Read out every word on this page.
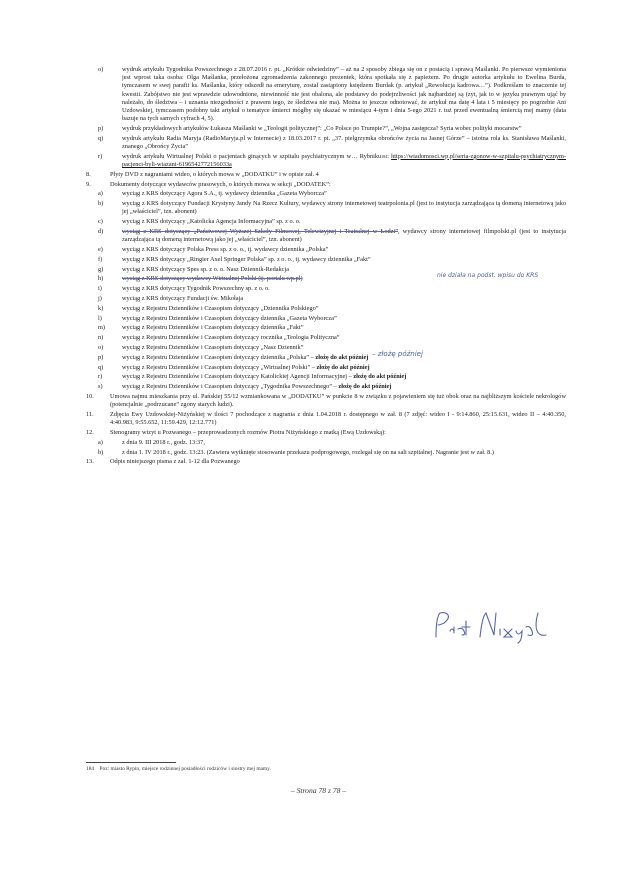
o)	wydruk artykułu Tygodnika Powszechnego z 28.07.2016 r. pt. „Krótkie odwiedziny” – aż na 2 sposoby zbiega się on z postacią i sprawą Maślanki. Po pierwsze wymieniona jest wprost taka osoba: Olga Maślanka, przełożona zgromadzenia zakonnego prezentek, która spotkała się z papieżem. Po drugie autorka artykułu to Ewelina Burda, tymczasem w swej parafii ks. Maślanka, który odszedł na emeryturę, został zastąpiony księdzem Burdak (p. artykuł „Rewolucja kadrowa…”). Podkreślam to znaczenie tej kwestii. Zabójstwo nie jest wprawdzie udowodnione, niewinność nie jest obalona, ale podstawy do podejrzliwości jak najbardziej są (zyt, jak to w języku prawnym ująć by należało, do śledztwa – i uznania niezgodności z prawem tego, że śledztwa nie ma). Można to jeszcze odnotować, że artykuł ma datę 4 lata i 5 miesięcy po pogrzebie Ani Uzdowskiej, tymczasem podobny takt artykuł o tematyce śmierci mógłby się ukazać w miesiącu 4-tym i dnia 5-ego 2021 r. tuż przed ewentualną śmiercią mej mamy (data bazuje na tych samych cyfrach 4, 5).
p)	wydruk przykładowych artykułów Łukasza Maślanki w „Teologii politycznej”: „Co Polsce po Trumpie?”, „Wojna zastępcza? Syria wobec polityki mocarstw”
q)	wydruk artykułu Radia Maryja (RadioMaryja.pl w Internecie) z 18.03.2017 r. pt. „37. pielgrzymka obrońców życia na Jasnej Górze” – istotna rola ks. Stanisława Maślanki, znanego „Obrońcy Życia”
r)	wydruk artykułu Wirtualnej Polski o pacjentach ginących w szpitalu psychiatrycznym w… Rybniku$^{184}$: https://wiadomosci.wp.pl/seria-zgonow-w-szpitalu-psychiatrycznym-pacjenci-byli-wiazani-6196542772156033a
8.	Płyty DVD z nagraniami wideo, o których mowa w „DODATKU” i w opisie zał. 4
9.	Dokumenty dotyczące wydawców prasowych, o których mowa w sekcji „DODATEK”:
a)	wyciąg z KRS dotyczący Agora S.A., tj. wydawcy dziennika „Gazeta Wyborcza”
b)	wyciąg z KRS dotyczący Fundacji Krystyny Jandy Na Rzecz Kultury, wydawcy strony internetowej teatrpolonia.pl (jest to instytucja zarządzająca tą domeną internetową jako jej „właściciel”, tzn. abonent)
c)	wyciąg z KRS dotyczący „Katolicka Agencja Informacyjna” sp. z o. o.
d)	wyciąg z KRS dotyczący „Państwowej Wyższej Szkoły Filmowej, Telewizyjnej i Teatralnej w Łodzi”, wydawcy strony internetowej filmpolski.pl (jest to instytucja zarządzająca tą domeną internetową jako jej „właściciel”, tzn. abonent)
e)	wyciąg z KRS dotyczący Polska Press sp. z o. o., tj. wydawcy dziennika „Polska”
f)	wyciąg z KRS dotyczący „Ringier Axel Springer Polska” sp. z o. o., tj. wydawcy dziennika „Fakt”
g)	wyciąg z KRS dotyczący Spes sp. z o. o. Nasz Dziennik-Redakcja
h)	wyciąg z KRS dotyczący wydawcy Wirtualnej Polski (tj. portalu wp.pl)
i)	wyciąg z KRS dotyczący Tygodnik Powszechny sp. z o. o.
j)	wyciąg z KRS dotyczący Fundacji św. Mikołaja
k)	wyciąg z Rejestru Dzienników i Czasopism dotyczący „Dziennika Polskiego”
l)	wyciąg z Rejestru Dzienników i Czasopism dotyczący dziennika „Gazeta Wyborcza”
m)	wyciąg z Rejestru Dzienników i Czasopism dotyczący dziennika „Fakt”
n)	wyciąg z Rejestru Dzienników i Czasopism dotyczący rocznika „Teologia Polityczna”
o)	wyciąg z Rejestru Dzienników i Czasopism dotyczący „Nasz Dziennik”
p)	wyciąg z Rejestru Dzienników i Czasopism dotyczący dziennika „Polska” – złożę do akt później
q)	wyciąg z Rejestru Dzienników i Czasopism dotyczący „Wirtualnej Polski” – złożę do akt później
r)	wyciąg z Rejestru Dzienników i Czasopism dotyczący Katolickiej Agencji Informacyjnej – złożę do akt później
s)	wyciąg z Rejestru Dzienników i Czasopism dotyczący „Tygodnika Powszechnego” – złożę do akt później
10.	Umowa najmu mieszkania przy ul. Pańskiej 55/12 wzmiankowana w „DODATKU” w punkcie 8 w związku z pojawieniem się tuż obok oraz na najbliższym kościele nekrologów (potencjalnie „podrzucane” zgony starych ludzi).
11.	Zdjęcia Ewy Uzdowskiej-Niżyńskiej w ilości 7 pochodzące z nagrania z dnia 1.04.2018 r. dostępnego w zał. 8 (7 zdjęć: wideo I - 9:14.860, 25:15.631, wideo II – 4:40.350, 4:40.983, 9:55.652, 11:59.429, 12:12.771)
12.	Stenogramy wizyt u Pozwanego – przeprowadzonych rozmów Piotra Niżyńskiego z matką (Ewą Uzdowską):
a)	z dnia 9. III 2018 r., godz. 13:37,
b)	z dnia 1. IV 2018 r., godz. 13:23. (Zawiera wytknięte stosowanie przekazu podprogowego, rozlegał się on na sali szpitalnej. Nagranie jest w zał. 8.)
13.	Odpis niniejszego pisma z zał. 1-12 dla Pozwanego
nie działa na podst. wpisu do KRS
– złożę później
184 Poz: miasto Rypin, miejsce rodzinnej posiadłości rodziców i siostry mej mamy.
– Strona 78 z 78 –
